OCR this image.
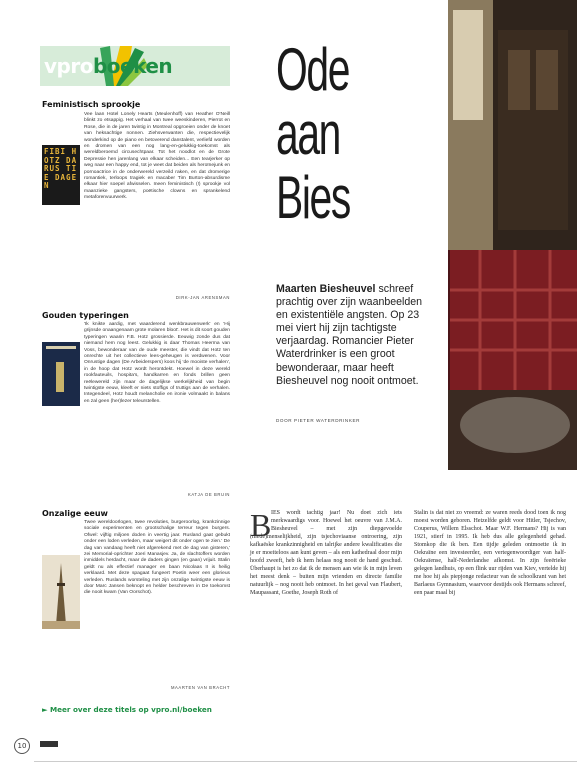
vproboeken
Feministisch sprookje
FIBI HOTZ DARUS TIE DAGEN

Vee laan Hotel Lonely Hearts (Meulenhoff) van Heather O'Neill blinkt zo etsappig. Het verhaal van twee weeskinderen, Pierrot en Rose, die in de jaren twintig in Montreal opgroeien onder de knoet van heksachtige nonnen. Ziehsverwanten die, respectievelijk wonderkind op de piano en betoverend danstalent, verliefd worden en dromen van een nog lang-en-gelukkig-toekomst als wereldberoemd circusechtpaar. Tot het noodlot en de Grote Depressie hen jarenlang van elkaar scheiden... Een tearjerker op weg naar een happy end, tot je weet dat beiden als heroïnejunk en pornoactrice in de onderwereld verzeild raken, en dat dromerige romantiek, terloops tragiek en macaber Tim Burton-absurdisme elkaar hier soepel afwisselen. Ineen feministisch (!) sprookje vol maanzieke gangsters, poëtische clowns en sprankelend metaforenvuurwerk.

DIRK-JAN ARENSMAN
Gouden typeringen

'Ik knikte aardig, met waarderend wenkbrauwenwerk' en 'Hij grijnsde onaangenaam grote molaren bloot'. Het is dit soort gouden typeringen waarin F.B. Hotz grossierde. Eeuwig zonde dus dat niemand hem nog leest. Gelukkig is daar Thomas Heerma van Voss, bewonderaar van de oude meester, die vindt dat Hotz ten onrechte uit het collectieve lees-geheugen is verdwenen. Voor Onrustige dagen (De Arbeiderspers) koos hij 'de mooiste verhalen', in de hoop dat Hotz wordt herontdekt. Hoewel in deze wereld rookfauteuils, hospita's, handkarren en fonds brillen geen reëlewereld zijn maar de dagelijkse werkelijkheid van begin twintigste eeuw, kleeft er niets stoffigs of truttigs aan de verhalen. Integendeel, Hotz houdt melancholie en ironie volmaakt in balans en zal geen (her)lezer teleurstellen.

KATJA DE BRUIN
Onzalige eeuw

Twee wereldoorlogen, twee revoluties, burgeroorlog, krankzinnige sociale experimenten en grootschalige terreur tegen burgers. Ofwel: vijftig miljoen doden in veertig jaar. Rusland gaat gebukt onder een loden verleden, maar weigert dit onder ogen te zien.' De dag van vandaag heeft niet afgerekend met de dag van gisteren,' zei Memorial-oprichter Joeri Manasjev. Ja, de slachtoffers worden inmiddels herdacht, maar de daders gingen (en gaan) vrijuit. Stalin geldt nu als effectief manager en baan Nicolaas II is heilig verklaard. Met deze spagaat fungeert Poetin weer een glorieus verleden. Ruslands worsteling met zijn onzalige twintigste eeuw is door Marc Jansen beknopt en helder beschreven in De toekomst die nooit kwam (Van Oorschot).

MAARTEN VAN BRACHT
► Meer over deze titels op vpro.nl/boeken
10
Ode
aan
Bies
Maarten Biesheuvel schreef prachtig over zijn waanbeelden en existentiële angsten. Op 23 mei viert hij zijn tachtigste verjaardag. Romancier Pieter Waterdrinker is een groot bewonderaar, maar heeft Biesheuvel nog nooit ontmoet.
DOOR PIETER WATERDRINKER
B IES wordt tachtig jaar! Nu doet zich iets merkwaardigs voor. Hoewel het oeuvre van J.M.A. Biesheuvel – met zijn diepgevoelde (mede)menselijkheid, zijn tsjechoviaanse ontroering, zijn kafkaëske krankzinnigheid en talrijke andere kwalificaties die je er moeiteloos aan kunt geven – als een kathedraal door mijn hoofd zweeft, heb ik hem helaas nog nooit de hand geschud. Überhaupt is het zo dat ik de mensen aan wie ik in mijn leven het meest denk – buiten mijn vrienden en directe familie natuurlijk – nog nooit heb ontmoet. In het geval van Flaubert, Maupassant, Goethe, Joseph Roth of

Stalin is dat niet zo vreemd: ze waren reeds dood toen ik nog moest worden geboren. Hetzelfde geldt voor Hitler, Tsjechov, Couperus, Willem Elsschot. Maar W.F. Hermans? Hij is van 1921, stierf in 1995. Ik heb dus alle gelegenheid gehad. Stomkop die ik ben. Een tijdje geleden ontmoette ik in Oekraïne een investeerder, een vertegenwoordiger van half-Oekraïense, half-Nederlandse afkomst. In zijn feeërieke gelegen landhuis, op een flink uur rijden van Kiev, vertelde hij me hoe hij als piepjonge redacteur van de schoolkrant van het Barlaeus Gymnasium, waarvoor destijds ook Hermans schreef, een paar maal bij
